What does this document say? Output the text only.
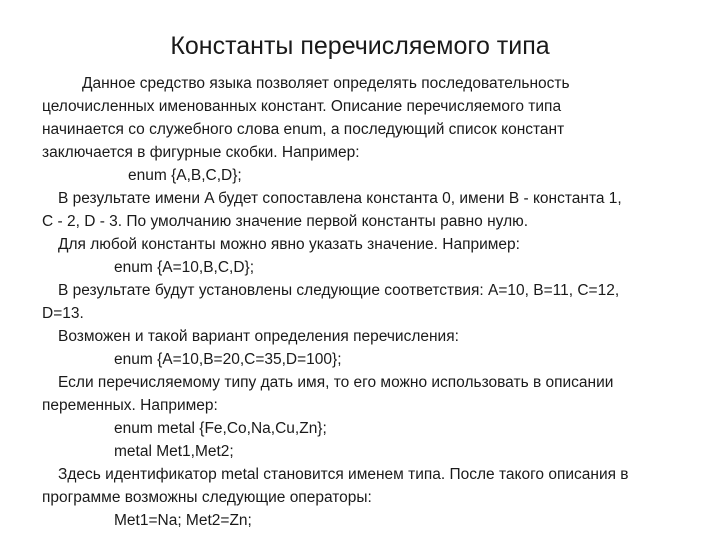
Константы перечисляемого типа
Данное средство языка позволяет определять последовательность
целочисленных именованных констант. Описание перечисляемого типа
начинается со служебного слова enum, а последующий список констант
заключается в фигурные скобки. Например:
enum {A,B,C,D};
В результате имени A будет сопоставлена константа 0, имени B - константа 1,
C - 2, D - 3. По умолчанию значение первой константы равно нулю.
Для любой константы можно явно указать значение. Например:
enum {A=10,B,C,D};
В результате будут установлены следующие соответствия: A=10, B=11, C=12,
D=13.
Возможен и такой вариант определения перечисления:
enum {A=10,B=20,C=35,D=100};
Если перечисляемому типу дать имя, то его можно использовать в описании
переменных. Например:
enum metal {Fe,Co,Na,Cu,Zn};
metal Met1,Met2;
Здесь идентификатор metal становится именем типа. После такого описания в
программе возможны следующие операторы:
Met1=Na; Met2=Zn;
